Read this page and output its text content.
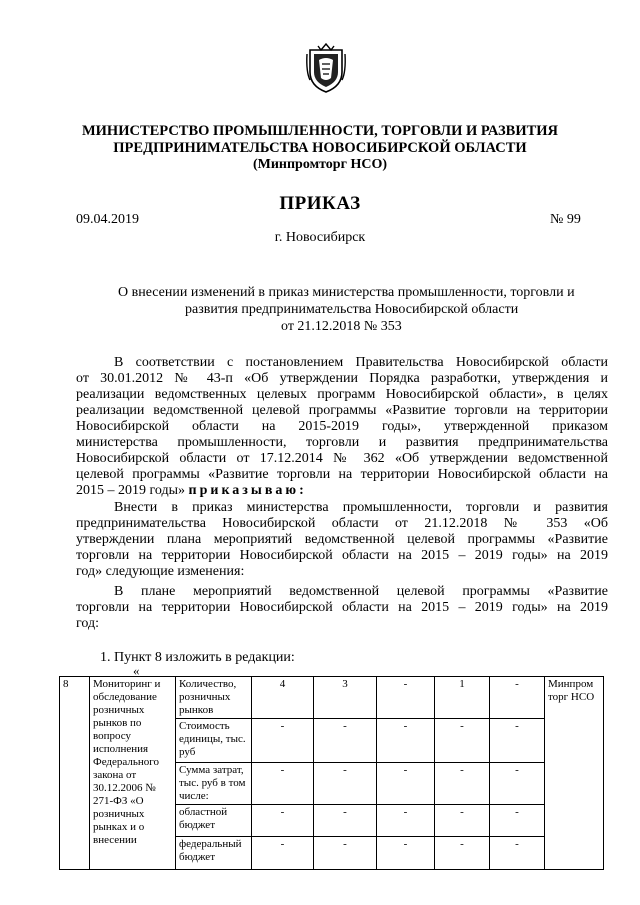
МИНИСТЕРСТВО ПРОМЫШЛЕННОСТИ, ТОРГОВЛИ И РАЗВИТИЯ
ПРЕДПРИНИМАТЕЛЬСТВА НОВОСИБИРСКОЙ ОБЛАСТИ
(Минпромторг НСО)
ПРИКАЗ
09.04.2019	№ 99
г. Новосибирск
О внесении изменений в приказ министерства промышленности, торговли и
развития предпринимательства Новосибирской области
от 21.12.2018 № 353
В соответствии с постановлением Правительства Новосибирской области
от 30.01.2012 № 43-п «Об утверждении Порядка разработки, утверждения и
реализации ведомственных целевых программ Новосибирской области», в целях
реализации ведомственной целевой программы «Развитие торговли на территории
Новосибирской области на 2015-2019 годы», утвержденной приказом
министерства промышленности, торговли и развития предпринимательства
Новосибирской области от 17.12.2014 № 362 «Об утверждении ведомственной
целевой программы «Развитие торговли на территории Новосибирской области на
2015 – 2019 годы» приказываю:
Внести в приказ министерства промышленности, торговли и развития
предпринимательства Новосибирской области от 21.12.2018 № 353 «Об
утверждении плана мероприятий ведомственной целевой программы «Развитие
торговли на территории Новосибирской области на 2015 – 2019 годы» на 2019
год» следующие изменения:
В плане мероприятий ведомственной целевой программы «Развитие
торговли на территории Новосибирской области на 2015 – 2019 годы» на 2019
год:
1. Пункт 8 изложить в редакции:
«
8	Мониторинг и обследование розничных рынков по вопросу исполнения Федерального закона от 30.12.2006 № 271-ФЗ «О розничных рынках и о внесении	Количество, розничных рынков	4	3	-	1	-	Минпром торг НСО
		Стоимость единицы, тыс. руб	-	-	-	-	-	
		Сумма затрат, тыс. руб в том числе:	-	-	-	-	-	
		областной бюджет	-	-	-	-	-	
		федеральный бюджет	-	-	-	-	-	
